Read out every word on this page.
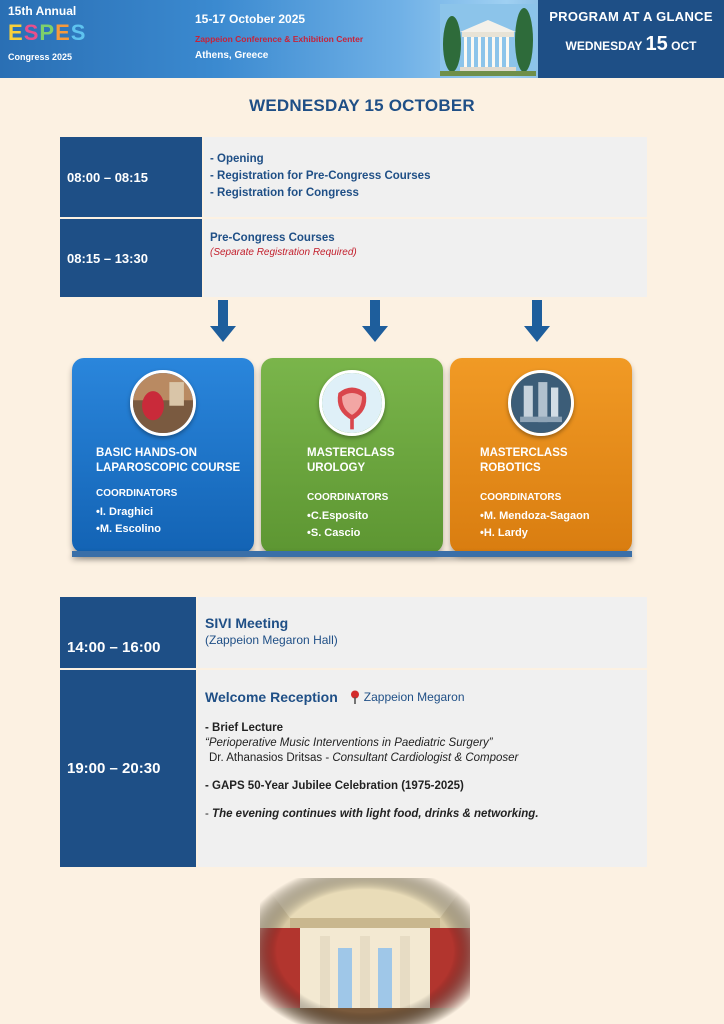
15th Annual
ESPES
Congress 2025
15-17 October 2025
Zappeion Conference & Exhibition Center
Athens, Greece
PROGRAM AT A GLANCE
WEDNESDAY 15 OCT
WEDNESDAY 15 OCTOBER
08:00 – 08:15
- Opening
- Registration for Pre-Congress Courses
- Registration for Congress
08:15 – 13:30
Pre-Congress Courses
(Separate Registration Required)
BASIC HANDS-ON LAPAROSCOPIC COURSE
COORDINATORS
•I. Draghici
•M. Escolino
MASTERCLASS UROLOGY
COORDINATORS
•C.Esposito
•S. Cascio
MASTERCLASS ROBOTICS
COORDINATORS
•M. Mendoza-Sagaon
•H. Lardy
14:00 – 16:00
SIVI Meeting
(Zappeion Megaron Hall)
19:00 – 20:30
Welcome Reception Zappeion Megaron
- Brief Lecture
“Perioperative Music Interventions in Paediatric Surgery”
Dr. Athanasios Dritsas - Consultant Cardiologist & Composer
- GAPS 50-Year Jubilee Celebration (1975-2025)
- The evening continues with light food, drinks & networking.
